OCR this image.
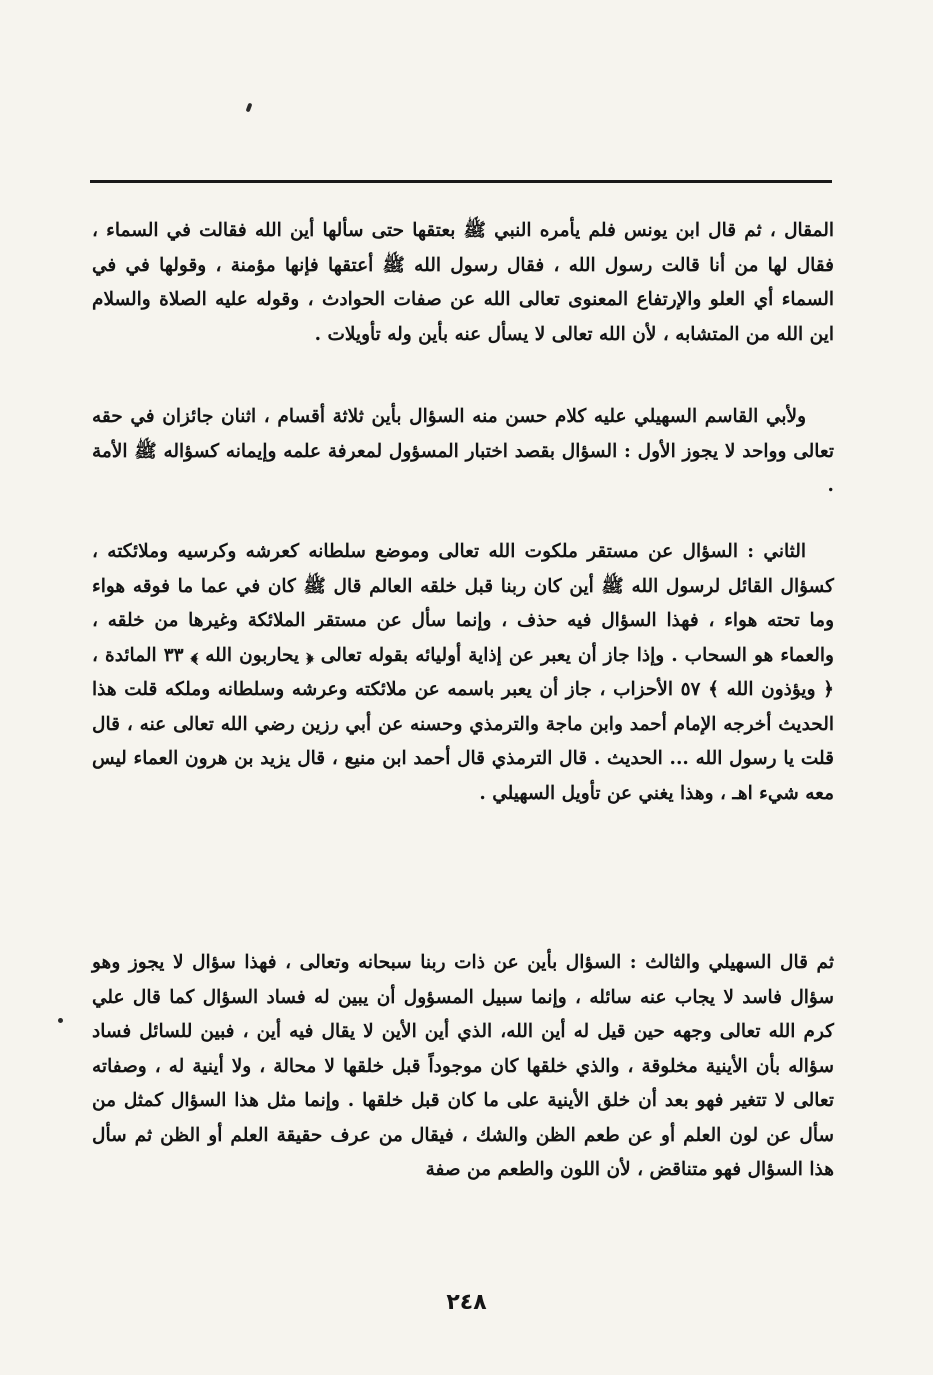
المقال ، ثم قال ابن يونس فلم يأمره النبي ﷺ بعتقها حتى سألها أين الله فقالت في السماء ، فقال لها من أنا قالت رسول الله ، فقال رسول الله ﷺ أعتقها فإنها مؤمنة ، وقولها في في السماء أي العلو والإرتفاع المعنوى تعالى الله عن صفات الحوادث ، وقوله عليه الصلاة والسلام اين الله من المتشابه ، لأن الله تعالى لا يسأل عنه بأين وله تأويلات .

ولأبي القاسم السهيلي عليه كلام حسن منه السؤال بأين ثلاثة أقسام ، اثنان جائزان في حقه تعالى وواحد لا يجوز الأول : السؤال بقصد اختبار المسؤول لمعرفة علمه وإيمانه كسؤاله ﷺ الأمة .

الثاني : السؤال عن مستقر ملكوت الله تعالى وموضع سلطانه كعرشه وكرسيه وملائكته ، كسؤال القائل لرسول الله ﷺ أين كان ربنا قبل خلقه العالم قال ﷺ كان في عما ما فوقه هواء وما تحته هواء ، فهذا السؤال فيه حذف ، وإنما سأل عن مستقر الملائكة وغيرها من خلقه ، والعماء هو السحاب . وإذا جاز أن يعبر عن إذاية أوليائه بقوله تعالى ﴿ يحاربون الله ﴾ ٣٣ المائدة ، ﴿ ويؤذون الله ﴾ ٥٧ الأحزاب ، جاز أن يعبر باسمه عن ملائكته وعرشه وسلطانه وملكه قلت هذا الحديث أخرجه الإمام أحمد وابن ماجة والترمذي وحسنه عن أبي رزين رضي الله تعالى عنه ، قال قلت يا رسول الله ... الحديث . قال الترمذي قال أحمد ابن منيع ، قال يزيد بن هرون العماء ليس معه شيء اهـ ، وهذا يغني عن تأويل السهيلي .

ثم قال السهيلي والثالث : السؤال بأين عن ذات ربنا سبحانه وتعالى ، فهذا سؤال لا يجوز وهو سؤال فاسد لا يجاب عنه سائله ، وإنما سبيل المسؤول أن يبين له فساد السؤال كما قال علي كرم الله تعالى وجهه حين قيل له أين الله، الذي أين الأين لا يقال فيه أين ، فبين للسائل فساد سؤاله بأن الأينية مخلوقة ، والذي خلقها كان موجوداً قبل خلقها لا محالة ، ولا أينية له ، وصفاته تعالى لا تتغير فهو بعد أن خلق الأينية على ما كان قبل خلقها . وإنما مثل هذا السؤال كمثل من سأل عن لون العلم أو عن طعم الظن والشك ، فيقال من عرف حقيقة العلم أو الظن ثم سأل هذا السؤال فهو متناقض ، لأن اللون والطعم من صفة

٢٤٨
